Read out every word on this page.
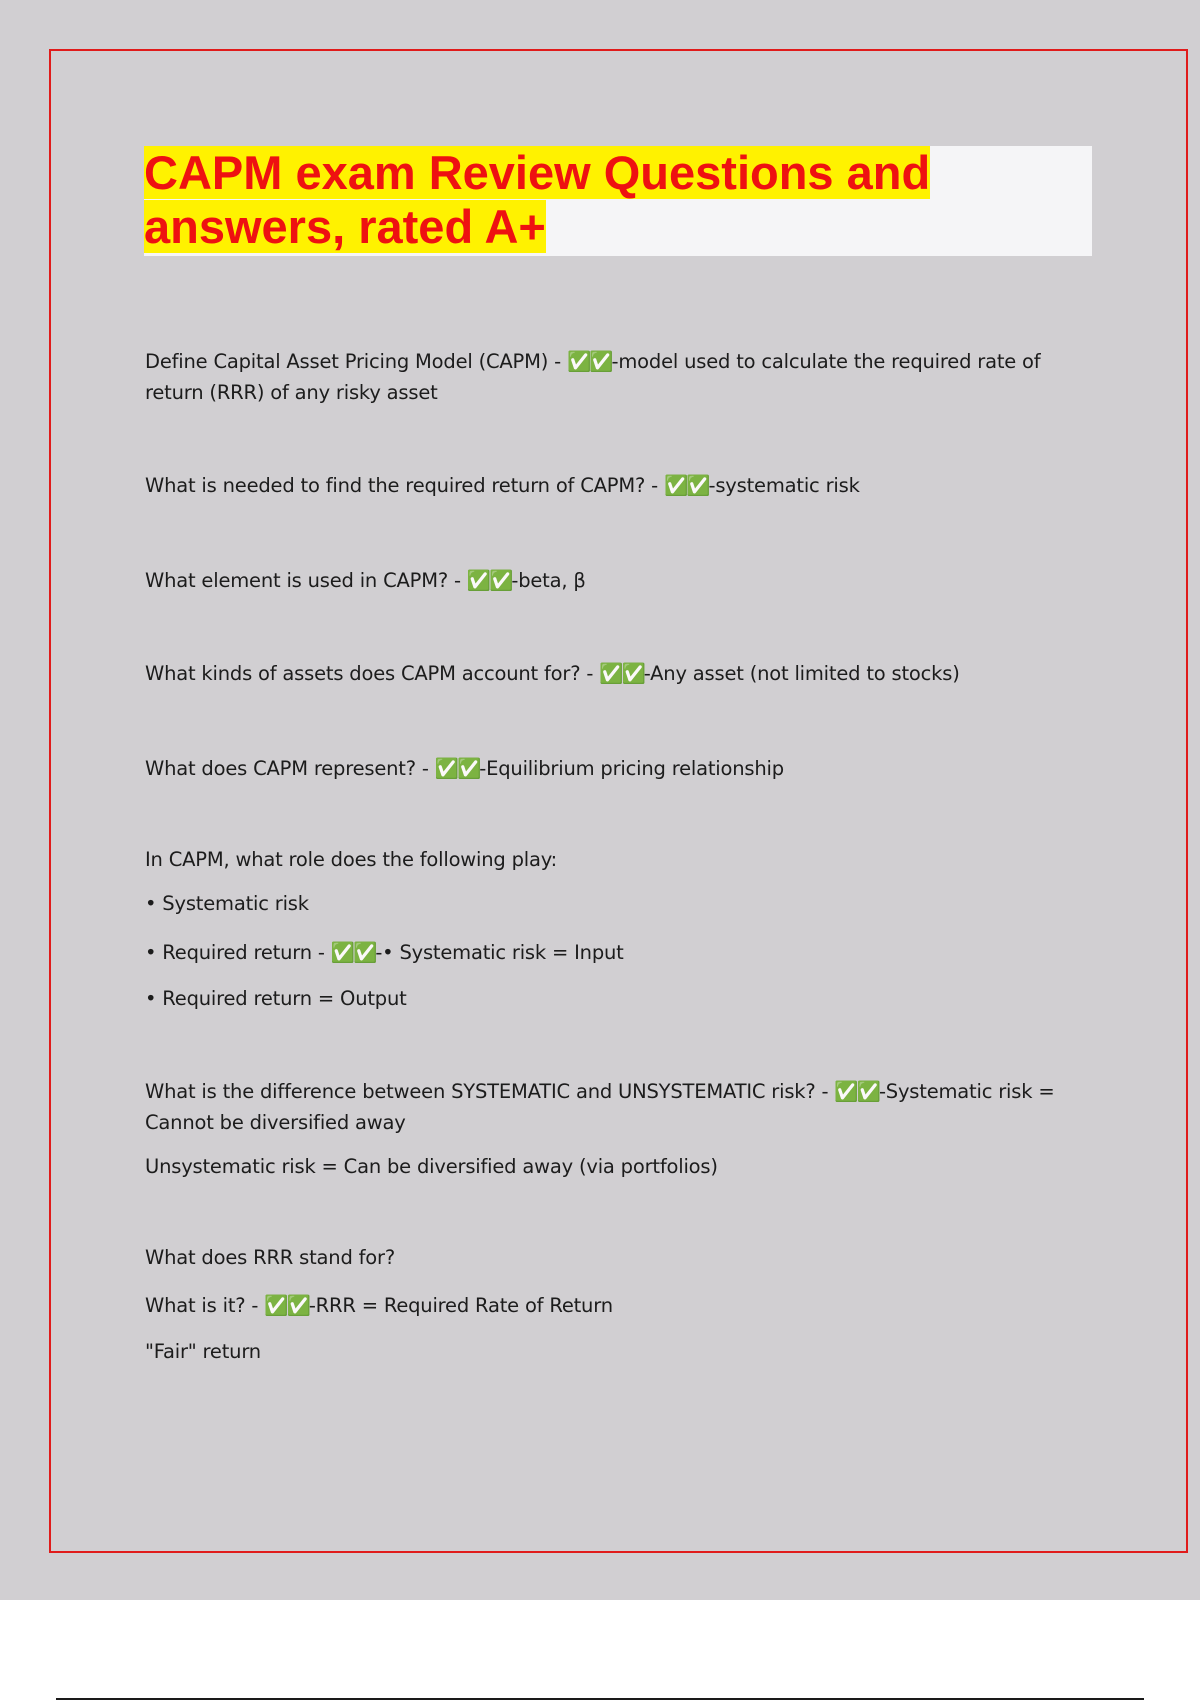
CAPM exam Review Questions and
answers, rated A+

Define Capital Asset Pricing Model (CAPM) - ✅✅-model used to calculate the required rate of return (RRR) of any risky asset

What is needed to find the required return of CAPM? - ✅✅-systematic risk

What element is used in CAPM? - ✅✅-beta, β

What kinds of assets does CAPM account for? - ✅✅-Any asset (not limited to stocks)

What does CAPM represent? - ✅✅-Equilibrium pricing relationship

In CAPM, what role does the following play:

• Systematic risk

• Required return - ✅✅-• Systematic risk = Input

• Required return = Output

What is the difference between SYSTEMATIC and UNSYSTEMATIC risk? - ✅✅-Systematic risk = Cannot be diversified away

Unsystematic risk = Can be diversified away (via portfolios)

What does RRR stand for?

What is it? - ✅✅-RRR = Required Rate of Return

"Fair" return
